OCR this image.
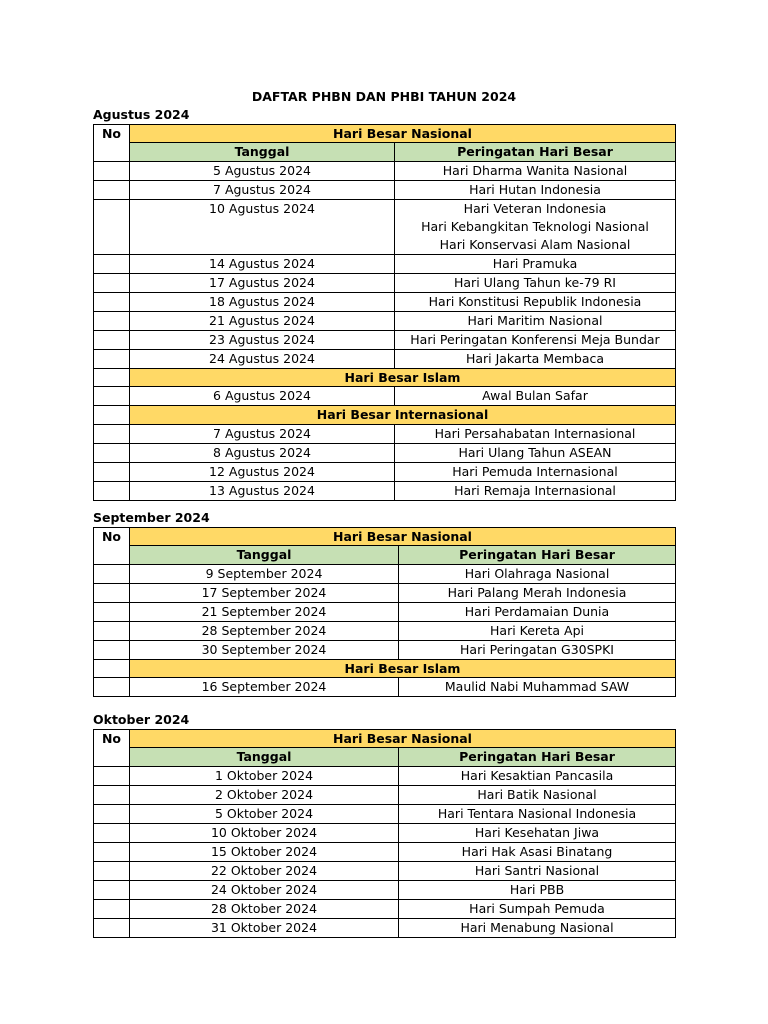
DAFTAR PHBN DAN PHBI TAHUN 2024
Agustus 2024
No	Hari Besar Nasional	
	Tanggal	Peringatan Hari Besar
	5 Agustus 2024	Hari Dharma Wanita Nasional

	7 Agustus 2024	Hari Hutan Indonesia

	10 Agustus 2024	Hari Veteran Indonesia
Hari Kebangkitan Teknologi Nasional
Hari Konservasi Alam Nasional

	14 Agustus 2024	Hari Pramuka

	17 Agustus 2024	Hari Ulang Tahun ke-79 RI

	18 Agustus 2024	Hari Konstitusi Republik Indonesia

	21 Agustus 2024	Hari Maritim Nasional

	23 Agustus 2024	Hari Peringatan Konferensi Meja Bundar

	24 Agustus 2024	Hari Jakarta Membaca

	Hari Besar Islam	
	6 Agustus 2024	Awal Bulan Safar

	Hari Besar Internasional	
	7 Agustus 2024	Hari Persahabatan Internasional

	8 Agustus 2024	Hari Ulang Tahun ASEAN

	12 Agustus 2024	Hari Pemuda Internasional

	13 Agustus 2024	Hari Remaja Internasional
September 2024
No	Hari Besar Nasional	
	Tanggal	Peringatan Hari Besar
	9 September 2024	Hari Olahraga Nasional

	17 September 2024	Hari Palang Merah Indonesia

	21 September 2024	Hari Perdamaian Dunia

	28 September 2024	Hari Kereta Api

	30 September 2024	Hari Peringatan G30SPKI

	Hari Besar Islam	
	16 September 2024	Maulid Nabi Muhammad SAW
Oktober 2024
No	Hari Besar Nasional	
	Tanggal	Peringatan Hari Besar
	1 Oktober 2024	Hari Kesaktian Pancasila

	2 Oktober 2024	Hari Batik Nasional

	5 Oktober 2024	Hari Tentara Nasional Indonesia

	10 Oktober 2024	Hari Kesehatan Jiwa

	15 Oktober 2024	Hari Hak Asasi Binatang

	22 Oktober 2024	Hari Santri Nasional

	24 Oktober 2024	Hari PBB

	28 Oktober 2024	Hari Sumpah Pemuda

	31 Oktober 2024	Hari Menabung Nasional
